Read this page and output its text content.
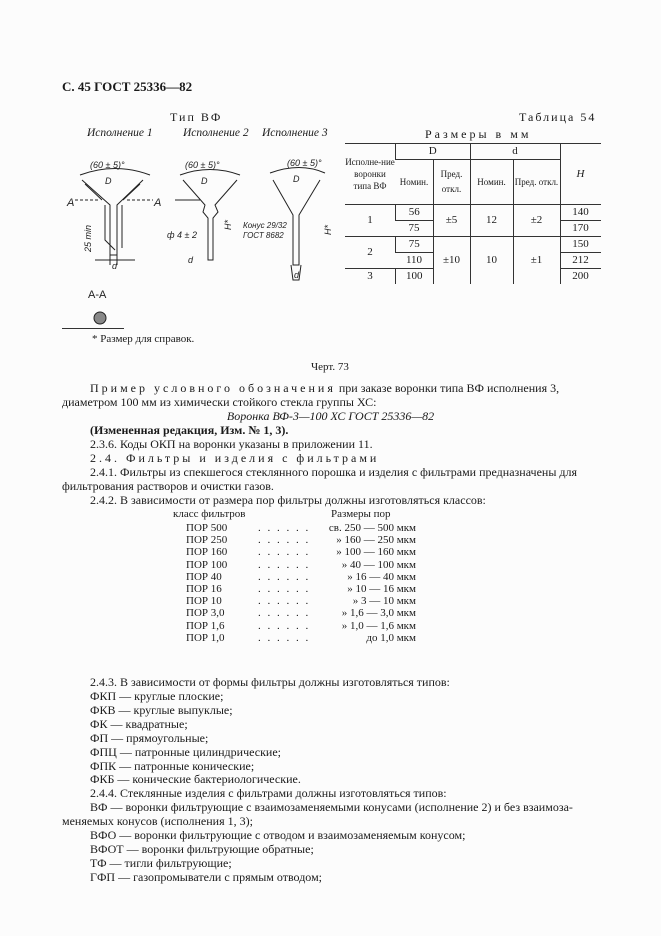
С. 45 ГОСТ 25336—82
Тип ВФ
Исполнение 1	Исполнение 2 Исполнение 3
(60 ± 5)°
D
d
А	А
25 min
А-А
(60 ± 5)°
D
ф 4 ± 2
d
H*
(60 ± 5)°
D
Конус 29/32
ГОСТ 8682
d
H*
Таблица 54
Размеры в мм
Исполне-ние воронки типа ВФ	D		d		H
	Номин.	Пред. откл.	Номин.	Пред. откл.	
1	56	±5	12	±2	140
	75				170
2	75	±10	10	±1	150
	110				212
3	100				200
* Размер для справок.
Черт. 73
Пример условного обозначения при заказе воронки типа ВФ исполнения 3,
диаметром 100 мм из химически стойкого стекла группы ХС:
Воронка ВФ-3—100 ХС ГОСТ 25336—82
(Измененная редакция, Изм. № 1, 3).
2.3.6. Коды ОКП на воронки указаны в приложении 11.
2.4. Фильтры и изделия с фильтрами
2.4.1. Фильтры из спекшегося стеклянного порошка и изделия с фильтрами предназначены для
фильтрования растворов и очистки газов.
2.4.2. В зависимости от размера пор фильтры должны изготовляться классов:
класс фильтров	Размеры пор
ПОР 500	. . . . . .	св. 250 — 500 мкм
ПОР 250	. . . . . .	» 160 — 250 мкм
ПОР 160	. . . . . .	» 100 — 160 мкм
ПОР 100	. . . . . .	» 40 — 100 мкм
ПОР 40	. . . . . .	» 16 — 40 мкм
ПОР 16	. . . . . .	» 10 — 16 мкм
ПОР 10	. . . . . .	» 3 — 10 мкм
ПОР 3,0	. . . . . .	» 1,6 — 3,0 мкм
ПОР 1,6	. . . . . .	» 1,0 — 1,6 мкм
ПОР 1,0	. . . . . .	до 1,0 мкм
2.4.3. В зависимости от формы фильтры должны изготовляться типов:
ФКП — круглые плоские;
ФКВ — круглые выпуклые;
ФК — квадратные;
ФП — прямоугольные;
ФПЦ — патронные цилиндрические;
ФПК — патронные конические;
ФКБ — конические бактериологические.
2.4.4. Стеклянные изделия с фильтрами должны изготовляться типов:
ВФ — воронки фильтрующие с взаимозаменяемыми конусами (исполнение 2) и без взаимоза-
меняемых конусов (исполнения 1, 3);
ВФО — воронки фильтрующие с отводом и взаимозаменяемым конусом;
ВФОТ — воронки фильтрующие обратные;
ТФ — тигли фильтрующие;
ГФП — газопромыватели с прямым отводом;
